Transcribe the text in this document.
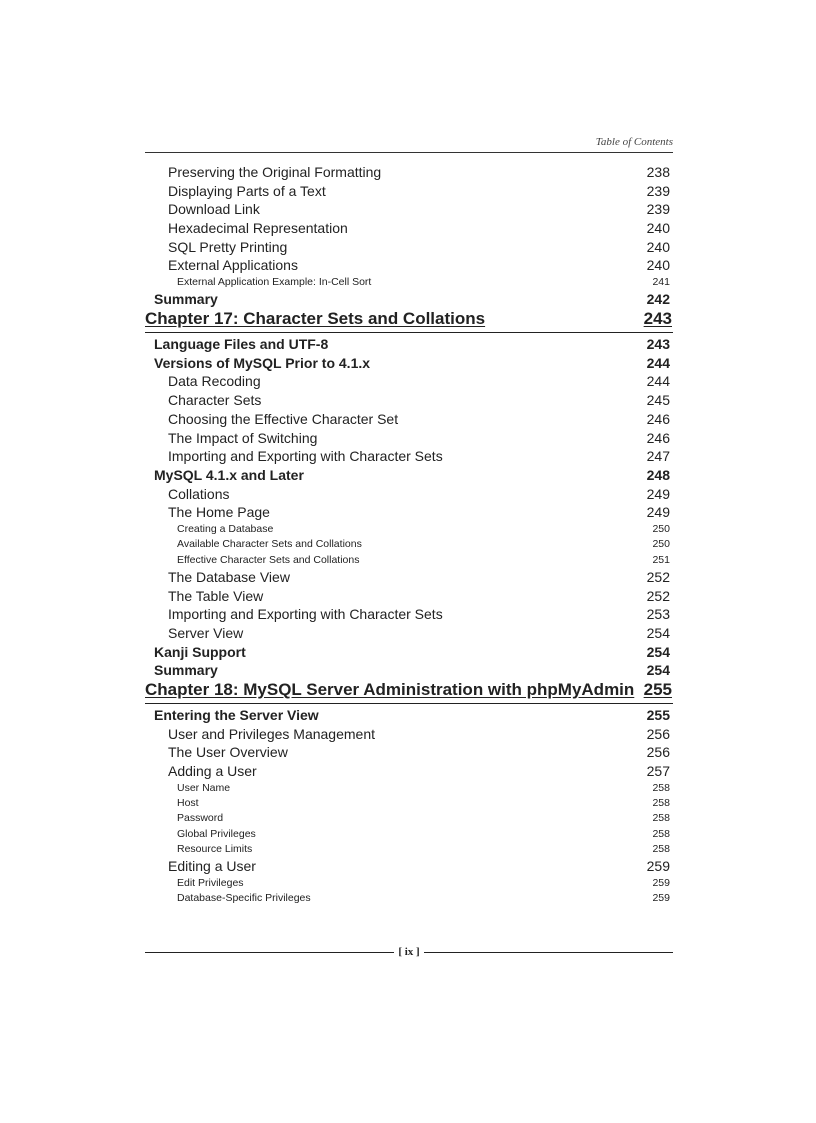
Table of Contents
Preserving the Original Formatting	238
Displaying Parts of a Text	239
Download Link	239
Hexadecimal Representation	240
SQL Pretty Printing	240
External Applications	240
External Application Example: In-Cell Sort	241
Summary	242
Chapter 17: Character Sets and Collations	243
Language Files and UTF-8	243
Versions of MySQL Prior to 4.1.x	244
Data Recoding	244
Character Sets	245
Choosing the Effective Character Set	246
The Impact of Switching	246
Importing and Exporting with Character Sets	247
MySQL 4.1.x and Later	248
Collations	249
The Home Page	249
Creating a Database	250
Available Character Sets and Collations	250
Effective Character Sets and Collations	251
The Database View	252
The Table View	252
Importing and Exporting with Character Sets	253
Server View	254
Kanji Support	254
Summary	254
Chapter 18: MySQL Server Administration with phpMyAdmin 255
Entering the Server View	255
User and Privileges Management	256
The User Overview	256
Adding a User	257
User Name	258
Host	258
Password	258
Global Privileges	258
Resource Limits	258
Editing a User	259
Edit Privileges	259
Database-Specific Privileges	259
[ ix ]
